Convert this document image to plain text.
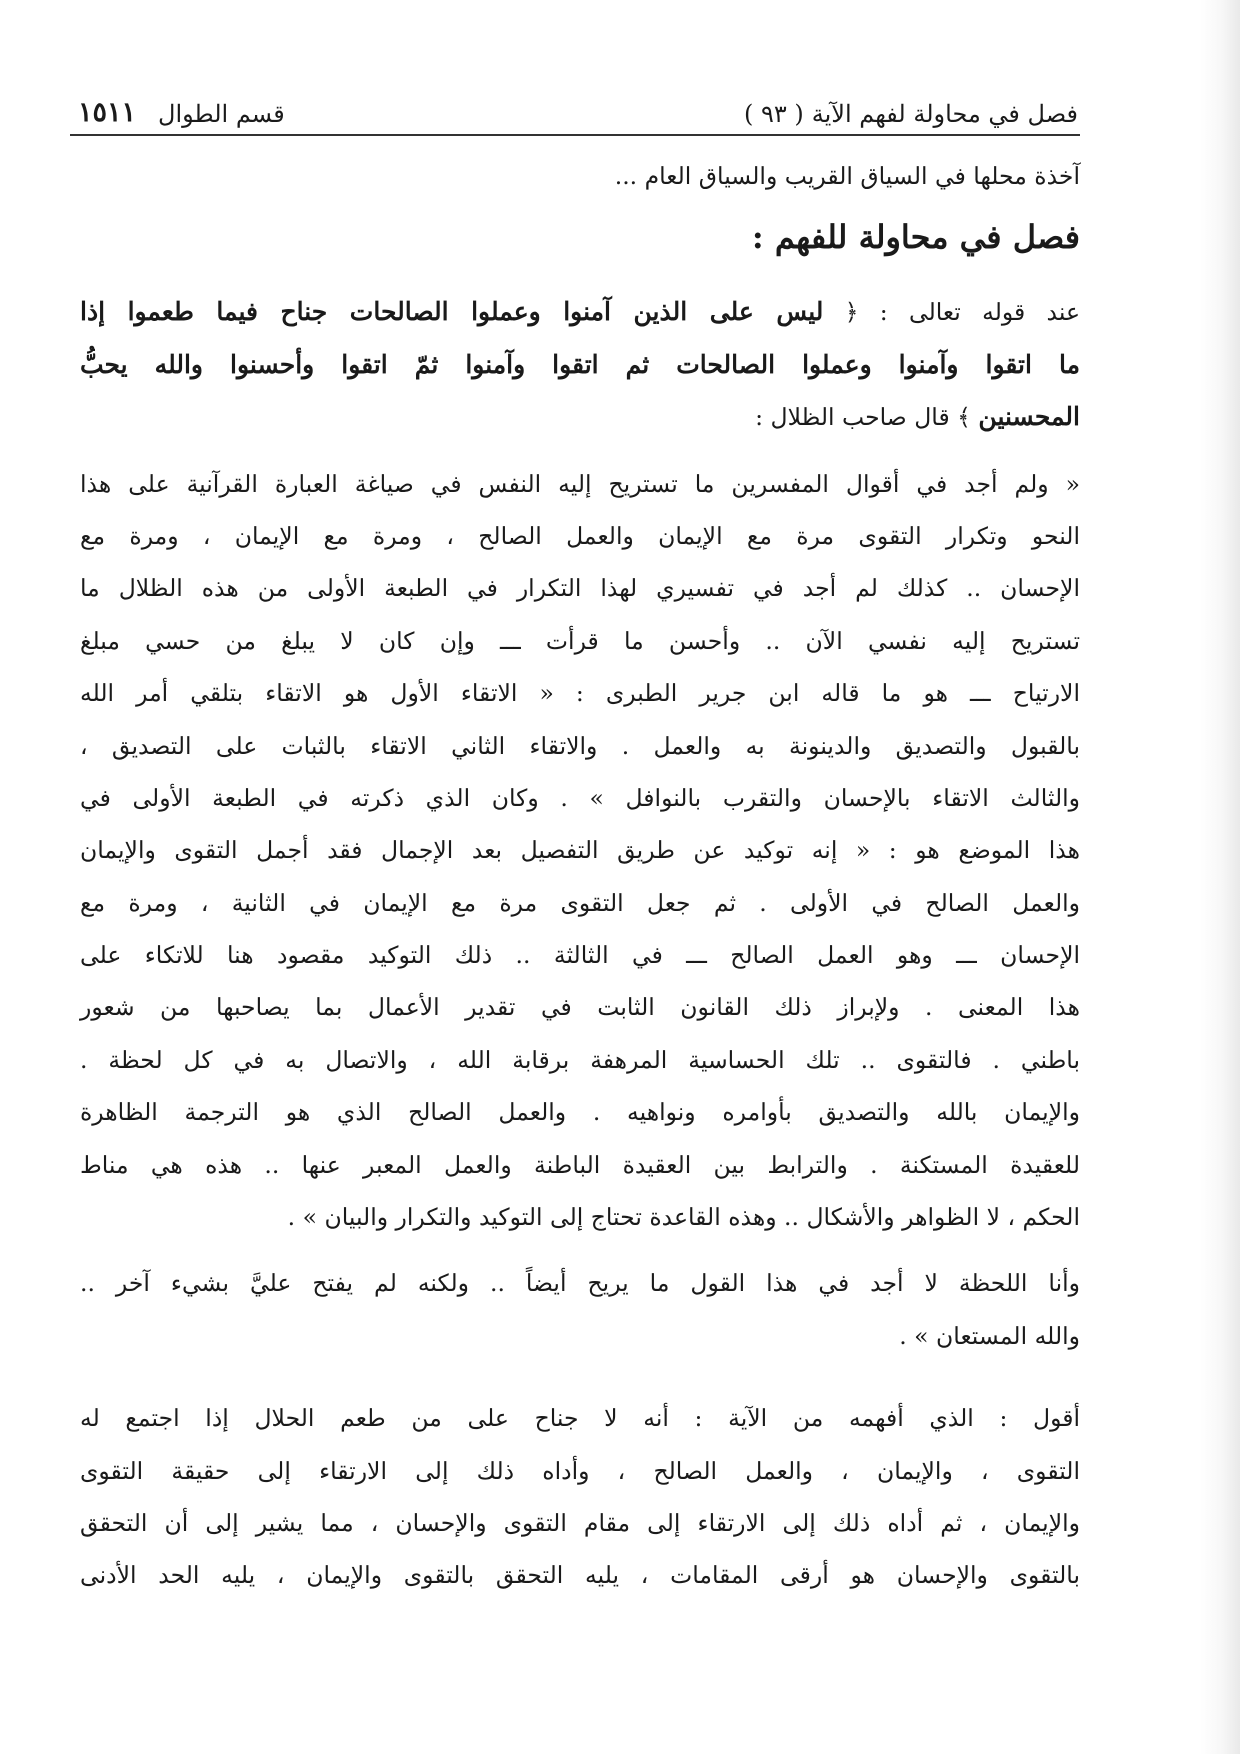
فصل في محاولة لفهم الآية
( ٩٣ )
قسم الطوال
١٥١١
آخذة محلها في السياق القريب والسياق العام ...
فصل في محاولة للفهم :
عند قوله تعالى : ﴿ ليس على الذين آمنوا وعملوا الصالحات جناح فيما طعموا إذا
ما اتقوا وآمنوا وعملوا الصالحات ثم اتقوا وآمنوا ثمّ اتقوا وأحسنوا والله يحبُّ
المحسنين ﴾ قال صاحب الظلال :
« ولم أجد في أقوال المفسرين ما تستريح إليه النفس في صياغة العبارة القرآنية على هذا
النحو وتكرار التقوى مرة مع الإيمان والعمل الصالح ، ومرة مع الإيمان ، ومرة مع
الإحسان .. كذلك لم أجد في تفسيري لهذا التكرار في الطبعة الأولى من هذه الظلال ما
تستريح إليه نفسي الآن .. وأحسن ما قرأت ـــ وإن كان لا يبلغ من حسي مبلغ
الارتياح ـــ هو ما قاله ابن جرير الطبرى : « الاتقاء الأول هو الاتقاء بتلقي أمر الله
بالقبول والتصديق والدينونة به والعمل . والاتقاء الثاني الاتقاء بالثبات على التصديق ،
والثالث الاتقاء بالإحسان والتقرب بالنوافل » . وكان الذي ذكرته في الطبعة الأولى في
هذا الموضع هو : « إنه توكيد عن طريق التفصيل بعد الإجمال فقد أجمل التقوى والإيمان
والعمل الصالح في الأولى . ثم جعل التقوى مرة مع الإيمان في الثانية ، ومرة مع
الإحسان ـــ وهو العمل الصالح ـــ في الثالثة .. ذلك التوكيد مقصود هنا للاتكاء على
هذا المعنى . ولإبراز ذلك القانون الثابت في تقدير الأعمال بما يصاحبها من شعور
باطني . فالتقوى .. تلك الحساسية المرهفة برقابة الله ، والاتصال به في كل لحظة .
والإيمان بالله والتصديق بأوامره ونواهيه . والعمل الصالح الذي هو الترجمة الظاهرة
للعقيدة المستكنة . والترابط بين العقيدة الباطنة والعمل المعبر عنها .. هذه هي مناط
الحكم ، لا الظواهر والأشكال .. وهذه القاعدة تحتاج إلى التوكيد والتكرار والبيان » .
وأنا اللحظة لا أجد في هذا القول ما يريح أيضاً .. ولكنه لم يفتح عليَّ بشيء آخر ..
والله المستعان » .
أقول : الذي أفهمه من الآية : أنه لا جناح على من طعم الحلال إذا اجتمع له
التقوى ، والإيمان ، والعمل الصالح ، وأداه ذلك إلى الارتقاء إلى حقيقة التقوى
والإيمان ، ثم أداه ذلك إلى الارتقاء إلى مقام التقوى والإحسان ، مما يشير إلى أن التحقق
بالتقوى والإحسان هو أرقى المقامات ، يليه التحقق بالتقوى والإيمان ، يليه الحد الأدنى
